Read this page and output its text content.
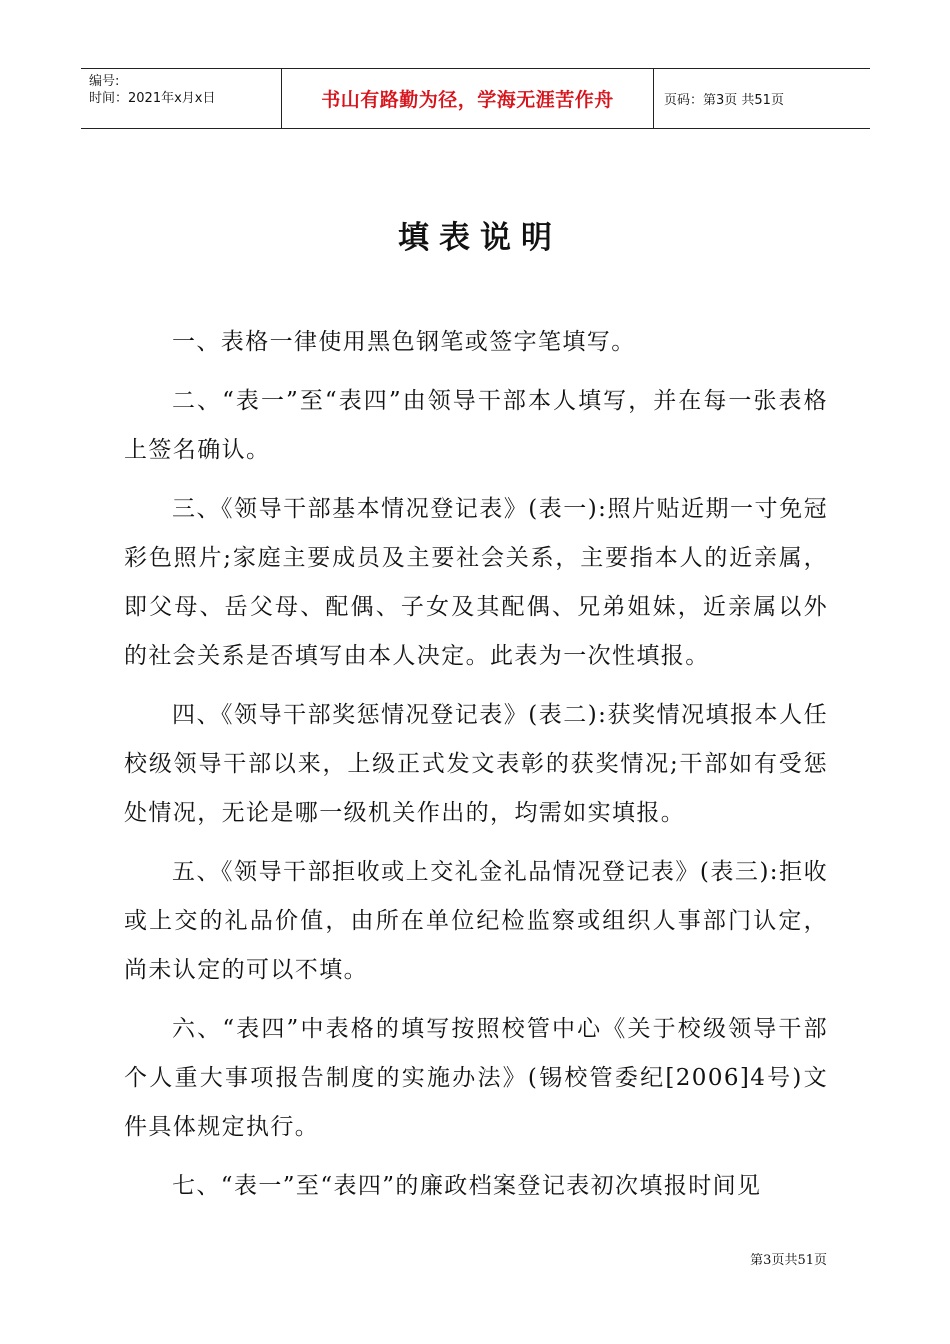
编号:
时间：2021年x月x日	书山有路勤为径，学海无涯苦作舟	页码：第3页 共51页
填表说明

一、表格一律使用黑色钢笔或签字笔填写。

二、“表一”至“表四”由领导干部本人填写，并在每一张表格上签名确认。

三、《领导干部基本情况登记表》(表一):照片贴近期一寸免冠彩色照片;家庭主要成员及主要社会关系，主要指本人的近亲属，即父母、岳父母、配偶、子女及其配偶、兄弟姐妹，近亲属以外的社会关系是否填写由本人决定。此表为一次性填报。

四、《领导干部奖惩情况登记表》(表二):获奖情况填报本人任校级领导干部以来，上级正式发文表彰的获奖情况;干部如有受惩处情况，无论是哪一级机关作出的，均需如实填报。

五、《领导干部拒收或上交礼金礼品情况登记表》(表三):拒收或上交的礼品价值，由所在单位纪检监察或组织人事部门认定，尚未认定的可以不填。

六、“表四”中表格的填写按照校管中心《关于校级领导干部个人重大事项报告制度的实施办法》(锡校管委纪[2006]4号)文件具体规定执行。

七、“表一”至“表四”的廉政档案登记表初次填报时间见

第3页共51页
